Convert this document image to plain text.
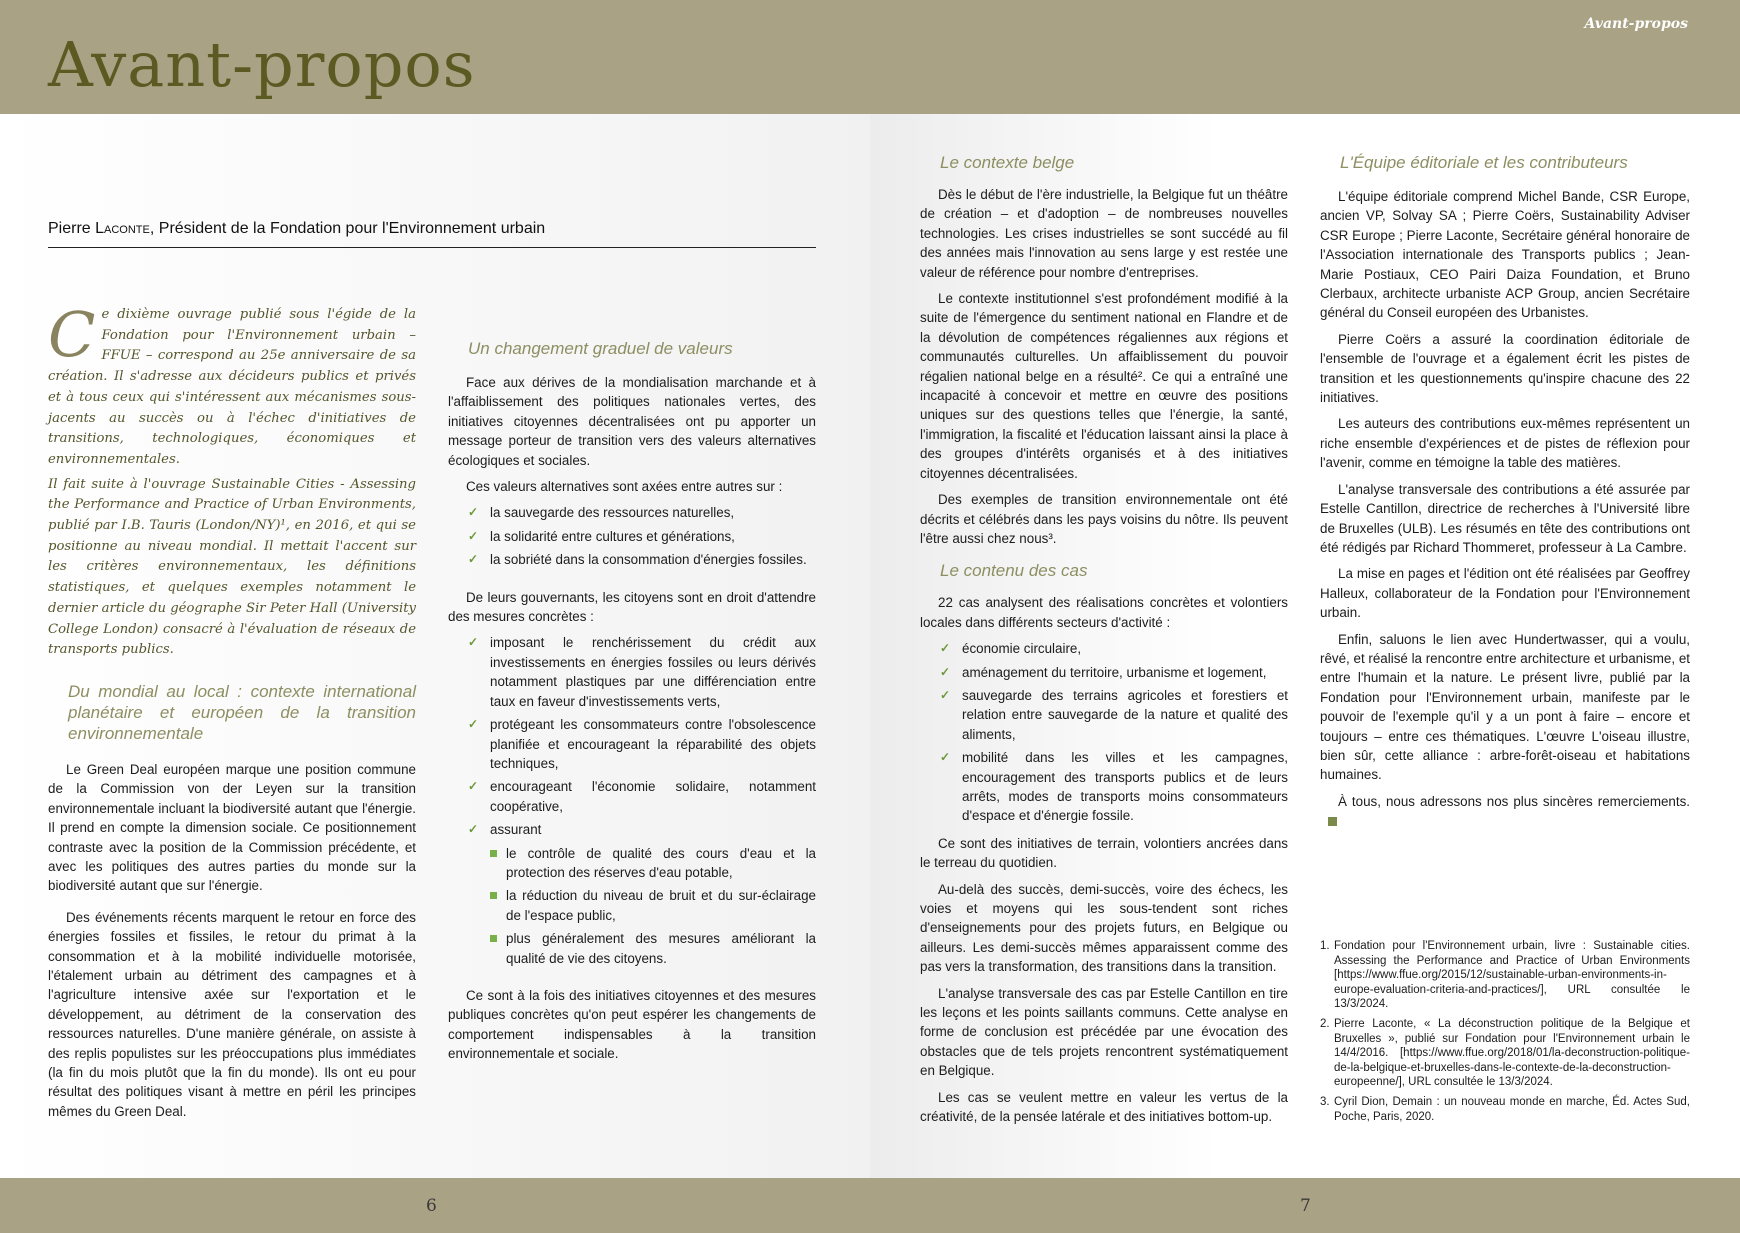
Avant-propos
Avant-propos
Pierre Laconte, Président de la Fondation pour l'Environnement urbain

Ce dixième ouvrage publié sous l'égide de la Fondation pour l'Environnement urbain – FFUE – correspond au 25e anniversaire de sa création. Il s'adresse aux décideurs publics et privés et à tous ceux qui s'intéressent aux mécanismes sous-jacents au succès ou à l'échec d'initiatives de transitions, technologiques, économiques et environnementales.

Il fait suite à l'ouvrage Sustainable Cities - Assessing the Performance and Practice of Urban Environments, publié par I.B. Tauris (London/NY)¹, en 2016, et qui se positionne au niveau mondial. Il mettait l'accent sur les critères environnementaux, les définitions statistiques, et quelques exemples notamment le dernier article du géographe Sir Peter Hall (University College London) consacré à l'évaluation de réseaux de transports publics.

Du mondial au local : contexte international planétaire et européen de la transition environnementale

Le Green Deal européen marque une position commune de la Commission von der Leyen sur la transition environnementale incluant la biodiversité autant que l'énergie. Il prend en compte la dimension sociale. Ce positionnement contraste avec la position de la Commission précédente, et avec les politiques des autres parties du monde sur la biodiversité autant que sur l'énergie.

Des événements récents marquent le retour en force des énergies fossiles et fissiles, le retour du primat à la consommation et à la mobilité individuelle motorisée, l'étalement urbain au détriment des campagnes et à l'agriculture intensive axée sur l'exportation et le développement, au détriment de la conservation des ressources naturelles. D'une manière générale, on assiste à des replis populistes sur les préoccupations plus immédiates (la fin du mois plutôt que la fin du monde). Ils ont eu pour résultat des politiques visant à mettre en péril les principes mêmes du Green Deal.

Un changement graduel de valeurs

Face aux dérives de la mondialisation marchande et à l'affaiblissement des politiques nationales vertes, des initiatives citoyennes décentralisées ont pu apporter un message porteur de transition vers des valeurs alternatives écologiques et sociales.

Ces valeurs alternatives sont axées entre autres sur :

✓ la sauvegarde des ressources naturelles,
✓ la solidarité entre cultures et générations,
✓ la sobriété dans la consommation d'énergies fossiles.

De leurs gouvernants, les citoyens sont en droit d'attendre des mesures concrètes :

✓ imposant le renchérissement du crédit aux investissements en énergies fossiles ou leurs dérivés notamment plastiques par une différenciation entre taux en faveur d'investissements verts,
✓ protégeant les consommateurs contre l'obsolescence planifiée et encourageant la réparabilité des objets techniques,
✓ encourageant l'économie solidaire, notamment coopérative,
✓ assurant
le contrôle de qualité des cours d'eau et la protection des réserves d'eau potable,
la réduction du niveau de bruit et du sur-éclairage de l'espace public,
plus généralement des mesures améliorant la qualité de vie des citoyens.

Ce sont à la fois des initiatives citoyennes et des mesures publiques concrètes qu'on peut espérer les changements de comportement indispensables à la transition environnementale et sociale.

Le contexte belge

Dès le début de l'ère industrielle, la Belgique fut un théâtre de création – et d'adoption – de nombreuses nouvelles technologies. Les crises industrielles se sont succédé au fil des années mais l'innovation au sens large y est restée une valeur de référence pour nombre d'entreprises.

Le contexte institutionnel s'est profondément modifié à la suite de l'émergence du sentiment national en Flandre et de la dévolution de compétences régaliennes aux régions et communautés culturelles. Un affaiblissement du pouvoir régalien national belge en a résulté². Ce qui a entraîné une incapacité à concevoir et mettre en œuvre des positions uniques sur des questions telles que l'énergie, la santé, l'immigration, la fiscalité et l'éducation laissant ainsi la place à des groupes d'intérêts organisés et à des initiatives citoyennes décentralisées.

Des exemples de transition environnementale ont été décrits et célébrés dans les pays voisins du nôtre. Ils peuvent l'être aussi chez nous³.

Le contenu des cas

22 cas analysent des réalisations concrètes et volontiers locales dans différents secteurs d'activité :

✓ économie circulaire,
✓ aménagement du territoire, urbanisme et logement,
✓ sauvegarde des terrains agricoles et forestiers et relation entre sauvegarde de la nature et qualité des aliments,
✓ mobilité dans les villes et les campagnes, encouragement des transports publics et de leurs arrêts, modes de transports moins consommateurs d'espace et d'énergie fossile.

Ce sont des initiatives de terrain, volontiers ancrées dans le terreau du quotidien.

Au-delà des succès, demi-succès, voire des échecs, les voies et moyens qui les sous-tendent sont riches d'enseignements pour des projets futurs, en Belgique ou ailleurs. Les demi-succès mêmes apparaissent comme des pas vers la transformation, des transitions dans la transition.

L'analyse transversale des cas par Estelle Cantillon en tire les leçons et les points saillants communs. Cette analyse en forme de conclusion est précédée par une évocation des obstacles que de tels projets rencontrent systématiquement en Belgique.

Les cas se veulent mettre en valeur les vertus de la créativité, de la pensée latérale et des initiatives bottom-up.

L'Équipe éditoriale et les contributeurs

L'équipe éditoriale comprend Michel Bande, CSR Europe, ancien VP, Solvay SA ; Pierre Coërs, Sustainability Adviser CSR Europe ; Pierre Laconte, Secrétaire général honoraire de l'Association internationale des Transports publics ; Jean-Marie Postiaux, CEO Pairi Daiza Foundation, et Bruno Clerbaux, architecte urbaniste ACP Group, ancien Secrétaire général du Conseil européen des Urbanistes.

Pierre Coërs a assuré la coordination éditoriale de l'ensemble de l'ouvrage et a également écrit les pistes de transition et les questionnements qu'inspire chacune des 22 initiatives.

Les auteurs des contributions eux-mêmes représentent un riche ensemble d'expériences et de pistes de réflexion pour l'avenir, comme en témoigne la table des matières.

L'analyse transversale des contributions a été assurée par Estelle Cantillon, directrice de recherches à l'Université libre de Bruxelles (ULB). Les résumés en tête des contributions ont été rédigés par Richard Thommeret, professeur à La Cambre.

La mise en pages et l'édition ont été réalisées par Geoffrey Halleux, collaborateur de la Fondation pour l'Environnement urbain.

Enfin, saluons le lien avec Hundertwasser, qui a voulu, rêvé, et réalisé la rencontre entre architecture et urbanisme, et entre l'humain et la nature. Le présent livre, publié par la Fondation pour l'Environnement urbain, manifeste par le pouvoir de l'exemple qu'il y a un pont à faire – encore et toujours – entre ces thématiques. L'œuvre L'oiseau illustre, bien sûr, cette alliance : arbre-forêt-oiseau et habitations humaines.

À tous, nous adressons nos plus sincères remerciements.

1. Fondation pour l'Environnement urbain, livre : Sustainable cities. Assessing the Performance and Practice of Urban Environments [https://www.ffue.org/2015/12/sustainable-urban-environments-in-europe-evaluation-criteria-and-practices/], URL consultée le 13/3/2024.
2. Pierre Laconte, « La déconstruction politique de la Belgique et Bruxelles », publié sur Fondation pour l'Environnement urbain le 14/4/2016. [https://www.ffue.org/2018/01/la-deconstruction-politique-de-la-belgique-et-bruxelles-dans-le-contexte-de-la-deconstruction-europeenne/], URL consultée le 13/3/2024.
3. Cyril Dion, Demain : un nouveau monde en marche, Éd. Actes Sud, Poche, Paris, 2020.
6	7
